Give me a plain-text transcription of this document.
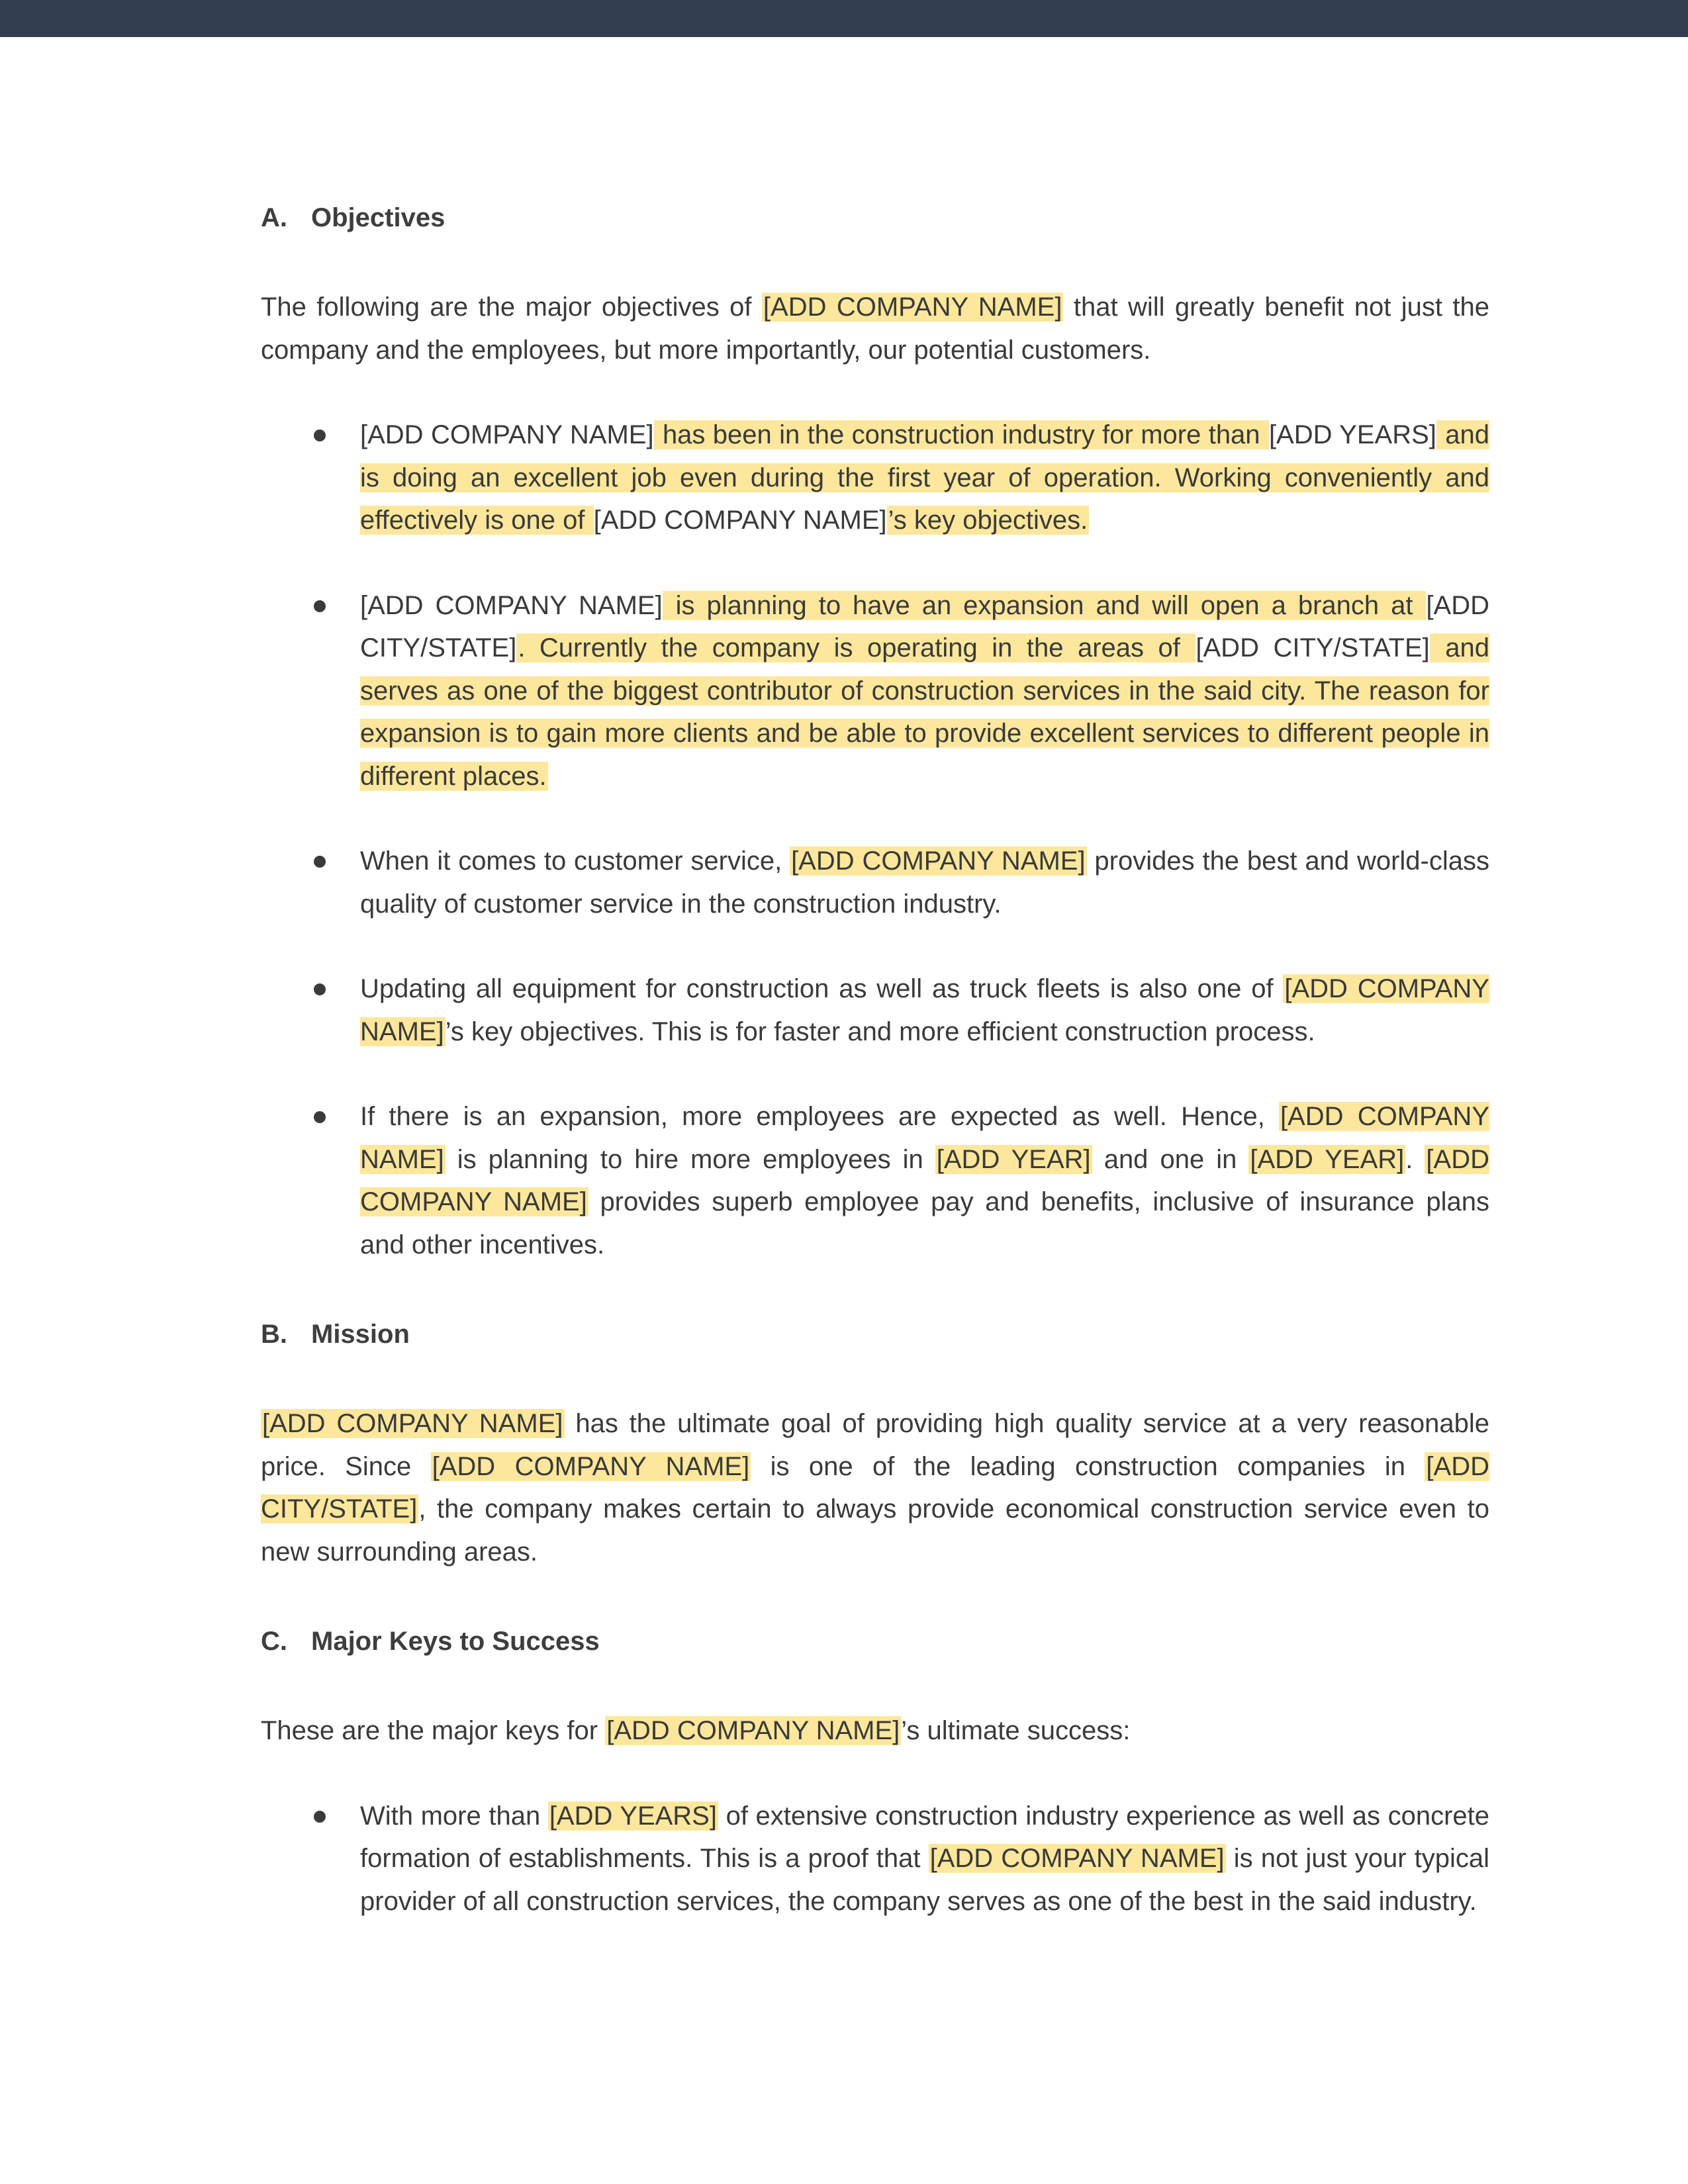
A. Objectives

The following are the major objectives of [ADD COMPANY NAME] that will greatly benefit not just the company and the employees, but more importantly, our potential customers.

[ADD COMPANY NAME] has been in the construction industry for more than [ADD YEARS] and is doing an excellent job even during the first year of operation. Working conveniently and effectively is one of [ADD COMPANY NAME]’s key objectives.
[ADD COMPANY NAME] is planning to have an expansion and will open a branch at [ADD CITY/STATE]. Currently the company is operating in the areas of [ADD CITY/STATE] and serves as one of the biggest contributor of construction services in the said city. The reason for expansion is to gain more clients and be able to provide excellent services to different people in different places.
When it comes to customer service, [ADD COMPANY NAME] provides the best and world-class quality of customer service in the construction industry.
Updating all equipment for construction as well as truck fleets is also one of [ADD COMPANY NAME]’s key objectives. This is for faster and more efficient construction process.
If there is an expansion, more employees are expected as well. Hence, [ADD COMPANY NAME] is planning to hire more employees in [ADD YEAR] and one in [ADD YEAR]. [ADD COMPANY NAME] provides superb employee pay and benefits, inclusive of insurance plans and other incentives.
B. Mission

[ADD COMPANY NAME] has the ultimate goal of providing high quality service at a very reasonable price. Since [ADD COMPANY NAME] is one of the leading construction companies in [ADD CITY/STATE], the company makes certain to always provide economical construction service even to new surrounding areas.

C. Major Keys to Success

These are the major keys for [ADD COMPANY NAME]’s ultimate success:

With more than [ADD YEARS] of extensive construction industry experience as well as concrete formation of establishments. This is a proof that [ADD COMPANY NAME] is not just your typical provider of all construction services, the company serves as one of the best in the said industry.
